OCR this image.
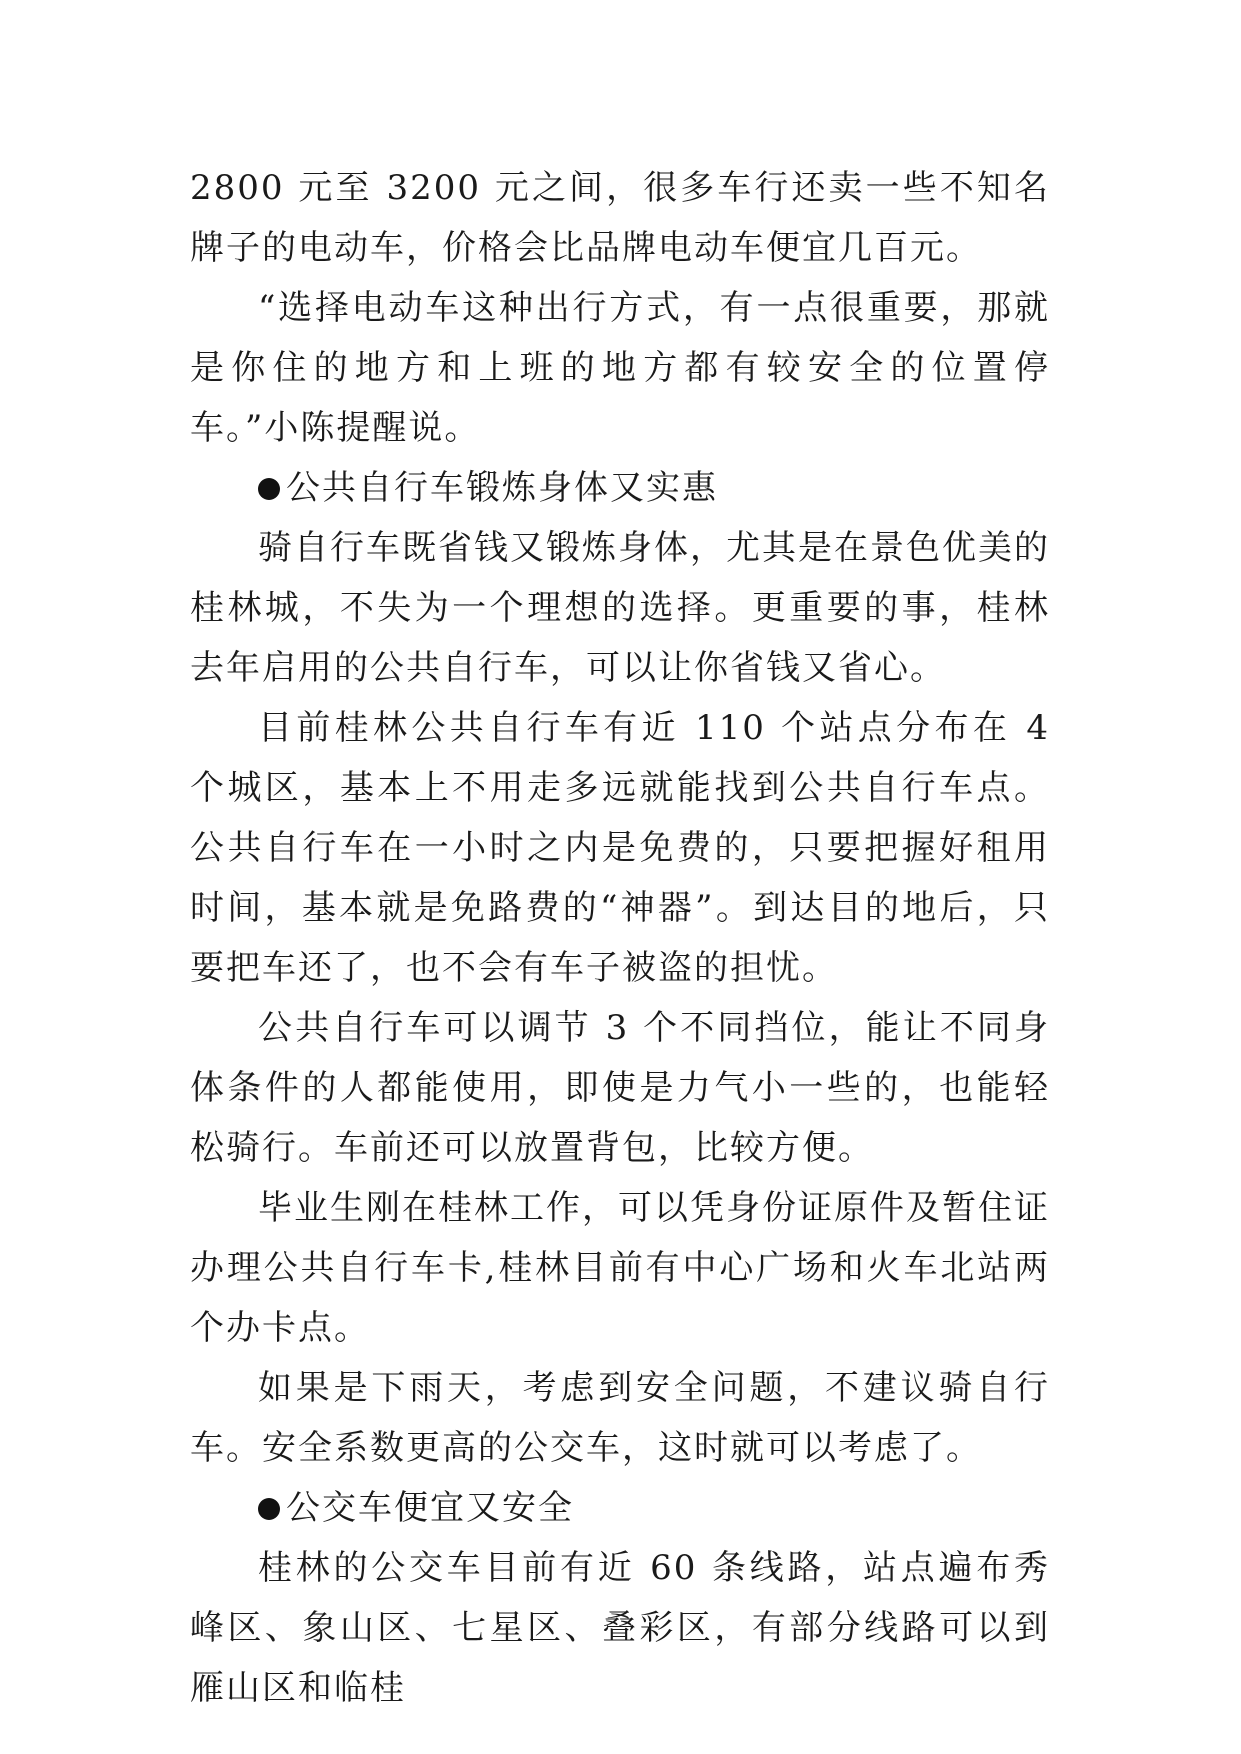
2800 元至 3200 元之间，很多车行还卖一些不知名牌子的电动车，价格会比品牌电动车便宜几百元。

“选择电动车这种出行方式，有一点很重要，那就是你住的地方和上班的地方都有较安全的位置停车。”小陈提醒说。

公共自行车锻炼身体又实惠

骑自行车既省钱又锻炼身体，尤其是在景色优美的桂林城，不失为一个理想的选择。更重要的事，桂林去年启用的公共自行车，可以让你省钱又省心。

目前桂林公共自行车有近 110 个站点分布在 4 个城区，基本上不用走多远就能找到公共自行车点。公共自行车在一小时之内是免费的，只要把握好租用时间，基本就是免路费的“神器”。到达目的地后，只要把车还了，也不会有车子被盗的担忧。

公共自行车可以调节 3 个不同挡位，能让不同身体条件的人都能使用，即使是力气小一些的，也能轻松骑行。车前还可以放置背包，比较方便。

毕业生刚在桂林工作，可以凭身份证原件及暂住证办理公共自行车卡,桂林目前有中心广场和火车北站两个办卡点。

如果是下雨天，考虑到安全问题，不建议骑自行车。安全系数更高的公交车，这时就可以考虑了。

公交车便宜又安全

桂林的公交车目前有近 60 条线路，站点遍布秀峰区、象山区、七星区、叠彩区，有部分线路可以到雁山区和临桂
